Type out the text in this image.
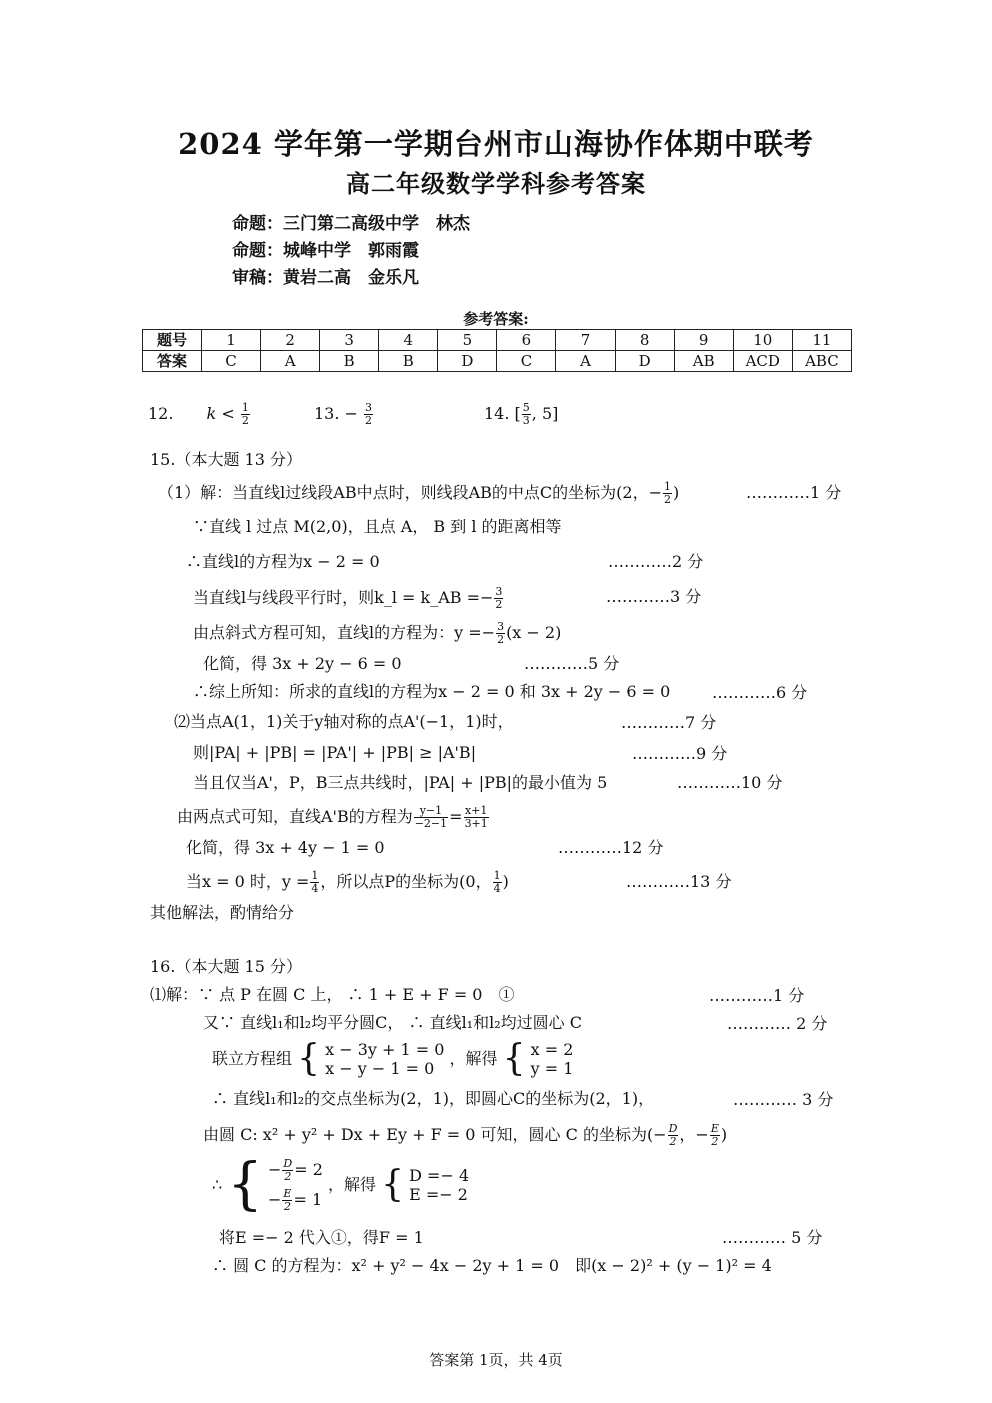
2024 学年第一学期台州市山海协作体期中联考
高二年级数学学科参考答案
命题：三门第二高级中学　林杰
命题：城峰中学　郭雨霞
审稿：黄岩二高　金乐凡
参考答案:
题号	1	2	3	4	5	6	7	8	9	10	11
答案	C	A	B	B	D	C	A	D	AB	ACD	ABC
12. $k < \frac{1}{2}$	13. − $\frac{3}{2}$	14. [ $\frac{5}{3}$ , 5]
15.（本大题 13 分）
（1）解：当直线l过线段AB中点时，则线段AB的中点C的坐标为(2，− $\frac{1}{2}$ )	…………1 分
∵直线 l 过点 M(2,0)，且点 A， B 到 l 的距离相等
∴直线l的方程为x − 2 = 0	…………2 分
当直线l与线段平行时，则k_l = k_AB =− $\frac{3}{2}$	…………3 分
由点斜式方程可知，直线l的方程为：$y =- \frac{3}{2} (x - 2)$
化简，得 3x + 2y − 6 = 0	…………5 分
∴综上所知：所求的直线l的方程为x − 2 = 0 和 3x + 2y − 6 = 0	…………6 分
⑵当点A(1，1)关于y轴对称的点A'(−1，1)时，	…………7 分
则|PA| + |PB| = |PA'| + |PB| ≥ |A'B|	…………9 分
当且仅当A'，P，B三点共线时，|PA| + |PB|的最小值为 5	…………10 分
由两点式可知，直线A'B的方程为 $\frac{y-1}{-2-1} = \frac{x+1}{3+1}$
化简，得 3x + 4y − 1 = 0	…………12 分
当x = 0 时，$y = \frac{1}{4}$ ，所以点P的坐标为(0， $\frac{1}{4}$ )	…………13 分
其他解法，酌情给分
16.（本大题 15 分）
⑴解：∵ 点 P 在圆 C 上， ∴ 1 + E + F = 0　①	…………1 分
又∵ 直线l₁和l₂均平分圆C， ∴ 直线l₁和l₂均过圆心 C	………… 2 分
联立方程组 { x − 3y + 1 = 0
x − y − 1 = 0
，解得 { x = 2
y = 1
∴ 直线l₁和l₂的交点坐标为(2，1)，即圆心C的坐标为(2，1)，	………… 3 分
由圆 C: x² + y² + Dx + Ey + F = 0 可知，圆心 C 的坐标为(− $\frac{D}{2}$ ，− $\frac{E}{2}$ )
∴ { − $\frac{D}{2} = 2$
− $\frac{E}{2} = 1$
，解得 { D =− 4
E =− 2
将E =− 2 代入①，得F = 1	………… 5 分
∴ 圆 C 的方程为：x² + y² − 4x − 2y + 1 = 0　即(x − 2)² + (y − 1)² = 4
答案第 1页，共 4页
